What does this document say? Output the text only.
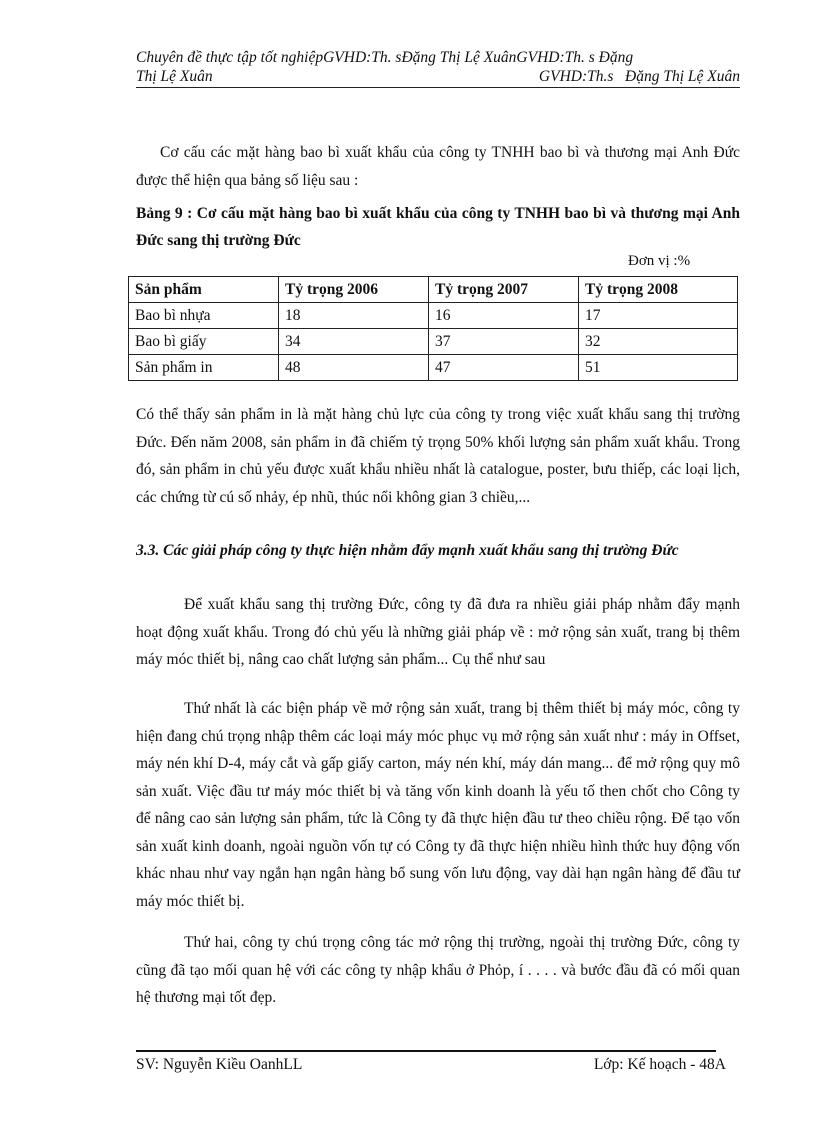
Chuyên đề thực tập tốt nghiệpGVHD:Th. sĐặng Thị Lệ XuânGVHD:Th. s Đặng
Thị Lệ Xuân	GVHD:Th.s   Đặng Thị Lệ Xuân

Cơ cấu các mặt hàng bao bì xuất khẩu của công ty TNHH bao bì và thương mại Anh Đức được thể hiện qua bảng số liệu sau :

Bảng 9 : Cơ cấu mặt hàng bao bì xuất khẩu của công ty TNHH bao bì và thương mại Anh Đức sang thị trường Đức

Đơn vị :%
Sản phẩm	Tỷ trọng 2006	Tỷ trọng 2007	Tỷ trọng 2008
Bao bì nhựa	18	16	17
Bao bì giấy	34	37	32
Sản phẩm in	48	47	51

Có thể thấy sản phẩm in là mặt hàng chủ lực của công ty trong việc xuất khẩu sang thị trường Đức. Đến năm 2008, sản phẩm in đã chiếm tỷ trọng 50% khối lượng sản phẩm xuất khẩu. Trong đó, sản phẩm in chủ yếu được xuất khẩu nhiều nhất là catalogue, poster, bưu thiếp, các loại lịch, các chứng từ cú số nhảy, ép nhũ, thúc nổi không gian 3 chiều,...

3.3. Các giải pháp công ty thực hiện nhằm đẩy mạnh xuất khẩu sang thị trường Đức

Để xuất khẩu sang thị trường Đức, công ty đã đưa ra nhiều giải pháp nhằm đẩy mạnh hoạt động xuất khẩu. Trong đó chủ yếu là những giải pháp về : mở rộng sản xuất, trang bị thêm máy móc thiết bị, nâng cao chất lượng sản phẩm... Cụ thể như sau

Thứ nhất là các biện pháp về mở rộng sản xuất, trang bị thêm thiết bị máy móc, công ty hiện đang chú trọng nhập thêm các loại máy móc phục vụ mở rộng sản xuất như : máy in Offset, máy nén khí D-4, máy cắt và gấp giấy carton, máy nén khí, máy dán mang... để mở rộng quy mô sản xuất. Việc đầu tư máy móc thiết bị và tăng vốn kinh doanh là yếu tố then chốt cho Công ty để nâng cao sản lượng sản phẩm, tức là Công ty đã thực hiện đầu tư theo chiều rộng. Để tạo vốn sản xuất kinh doanh, ngoài nguồn vốn tự có Công ty đã thực hiện nhiều hình thức huy động vốn khác nhau như vay ngắn hạn ngân hàng bổ sung vốn lưu động, vay dài hạn ngân hàng để đầu tư máy móc thiết bị.

Thứ hai, công ty chú trọng công tác mở rộng thị trường, ngoài thị trường Đức, công ty cũng đã tạo mối quan hệ với các công ty nhập khẩu ở Phỏp, í . . . . và bước đầu đã có mối quan hệ thương mại tốt đẹp.

SV: Nguyễn Kiều OanhLL	Lớp: Kế hoạch - 48A
